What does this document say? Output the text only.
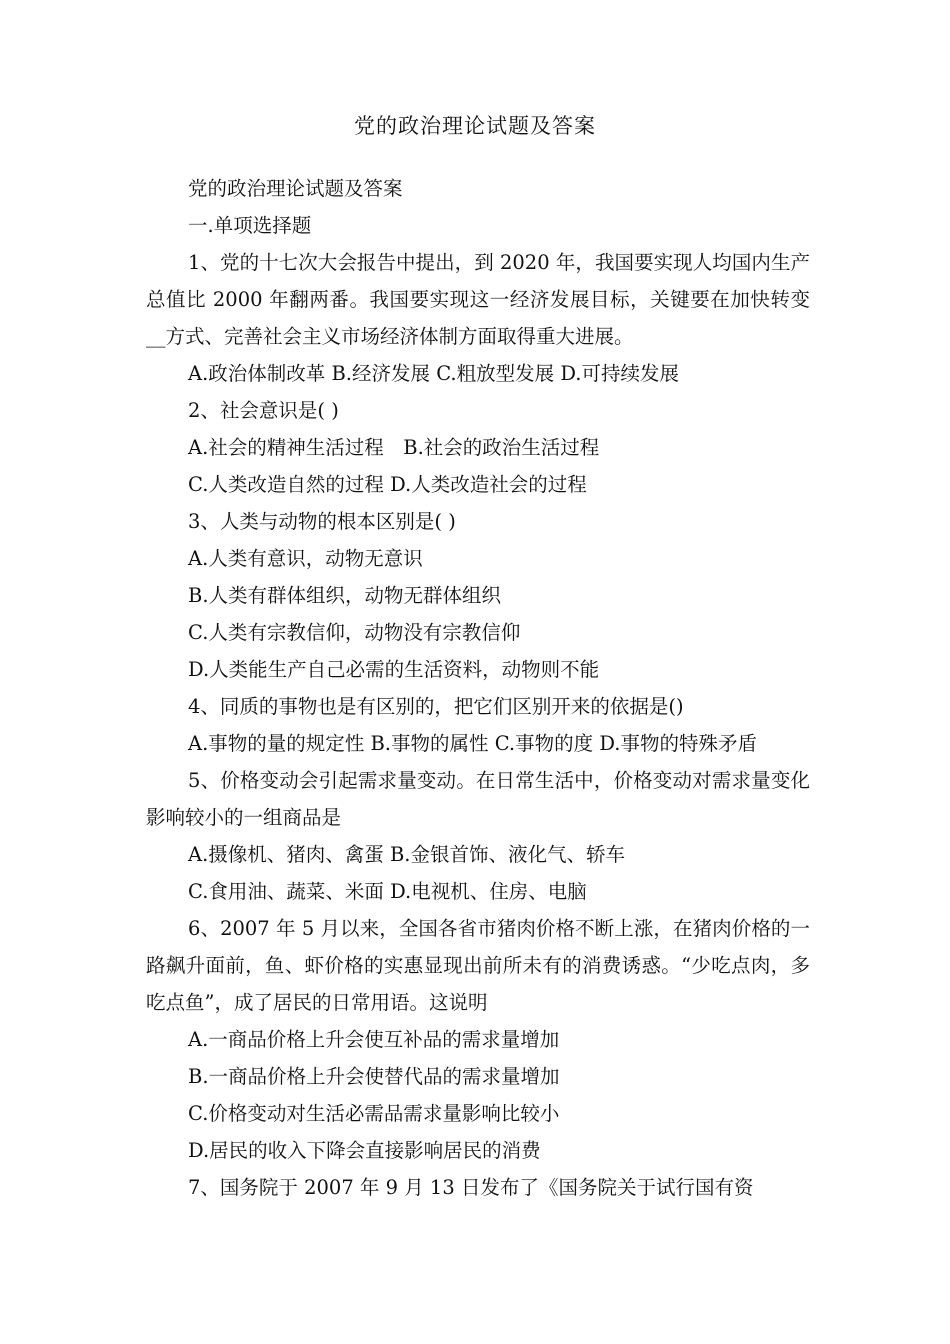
党的政治理论试题及答案

党的政治理论试题及答案

一.单项选择题

1、党的十七次大会报告中提出，到 2020 年，我国要实现人均国内生产总值比 2000 年翻两番。我国要实现这一经济发展目标，关键要在加快转变__方式、完善社会主义市场经济体制方面取得重大进展。

A.政治体制改革 B.经济发展 C.粗放型发展 D.可持续发展

2、社会意识是( )

A.社会的精神生活过程　B.社会的政治生活过程

C.人类改造自然的过程 D.人类改造社会的过程

3、人类与动物的根本区别是( )

A.人类有意识，动物无意识

B.人类有群体组织，动物无群体组织

C.人类有宗教信仰，动物没有宗教信仰

D.人类能生产自己必需的生活资料，动物则不能

4、同质的事物也是有区别的，把它们区别开来的依据是()

A.事物的量的规定性 B.事物的属性 C.事物的度 D.事物的特殊矛盾

5、价格变动会引起需求量变动。在日常生活中，价格变动对需求量变化影响较小的一组商品是

A.摄像机、猪肉、禽蛋 B.金银首饰、液化气、轿车

C.食用油、蔬菜、米面 D.电视机、住房、电脑

6、2007 年 5 月以来，全国各省市猪肉价格不断上涨，在猪肉价格的一路飙升面前，鱼、虾价格的实惠显现出前所未有的消费诱惑。“少吃点肉，多吃点鱼”，成了居民的日常用语。这说明

A.一商品价格上升会使互补品的需求量增加

B.一商品价格上升会使替代品的需求量增加

C.价格变动对生活必需品需求量影响比较小

D.居民的收入下降会直接影响居民的消费

7、国务院于 2007 年 9 月 13 日发布了《国务院关于试行国有资
